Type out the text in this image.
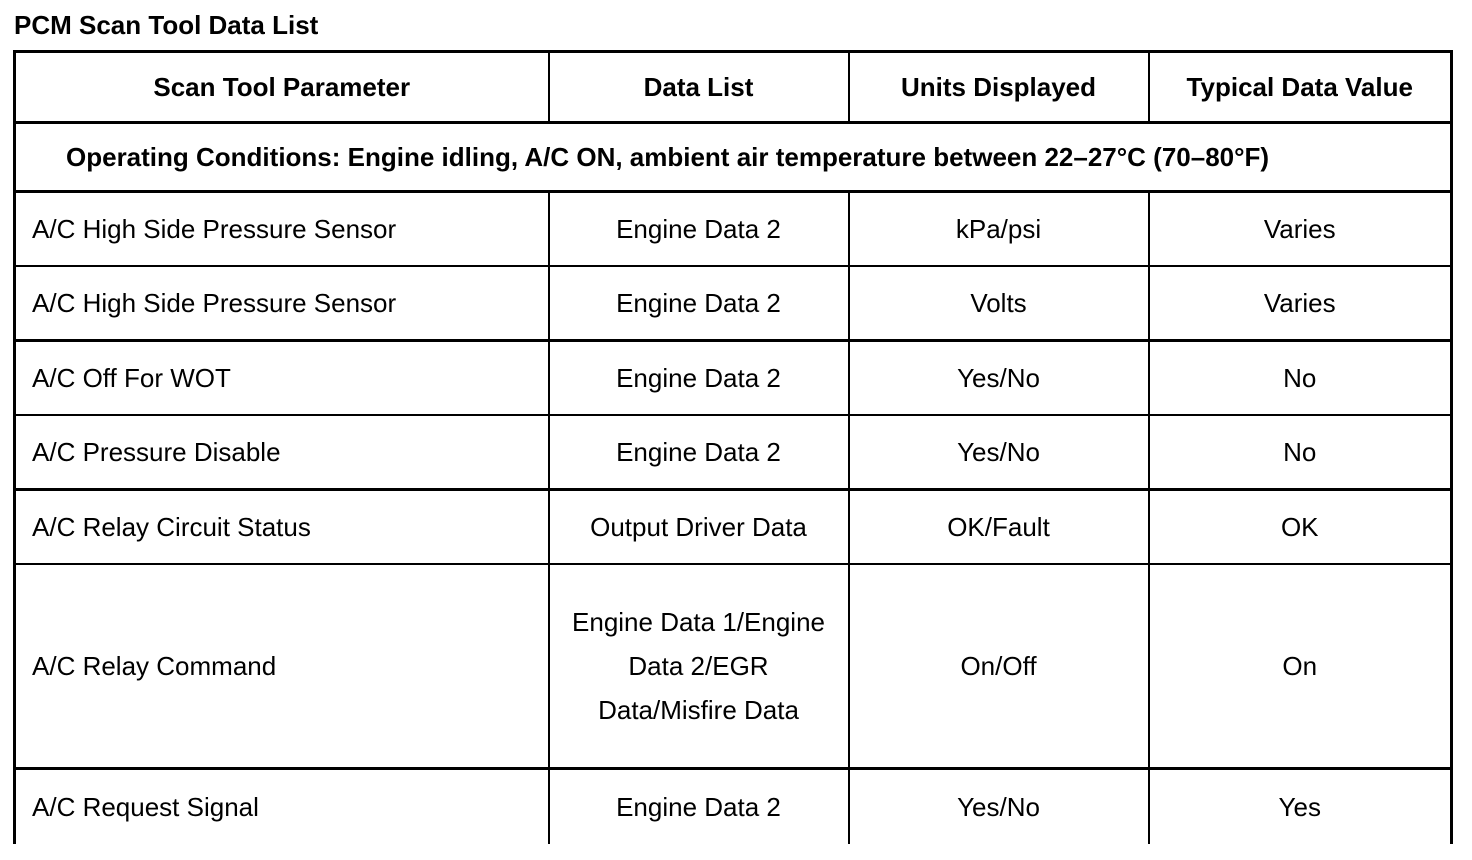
PCM Scan Tool Data List
Scan Tool Parameter	Data List	Units Displayed	Typical Data Value
Operating Conditions: Engine idling, A/C ON, ambient air temperature between 22–27°C (70–80°F)			
A/C High Side Pressure Sensor	Engine Data 2	kPa/psi	Varies
A/C High Side Pressure Sensor	Engine Data 2	Volts	Varies
A/C Off For WOT	Engine Data 2	Yes/No	No
A/C Pressure Disable	Engine Data 2	Yes/No	No
A/C Relay Circuit Status	Output Driver Data	OK/Fault	OK
A/C Relay Command	Engine Data 1/Engine Data 2/EGR Data/Misfire Data	On/Off	On
A/C Request Signal	Engine Data 2	Yes/No	Yes
